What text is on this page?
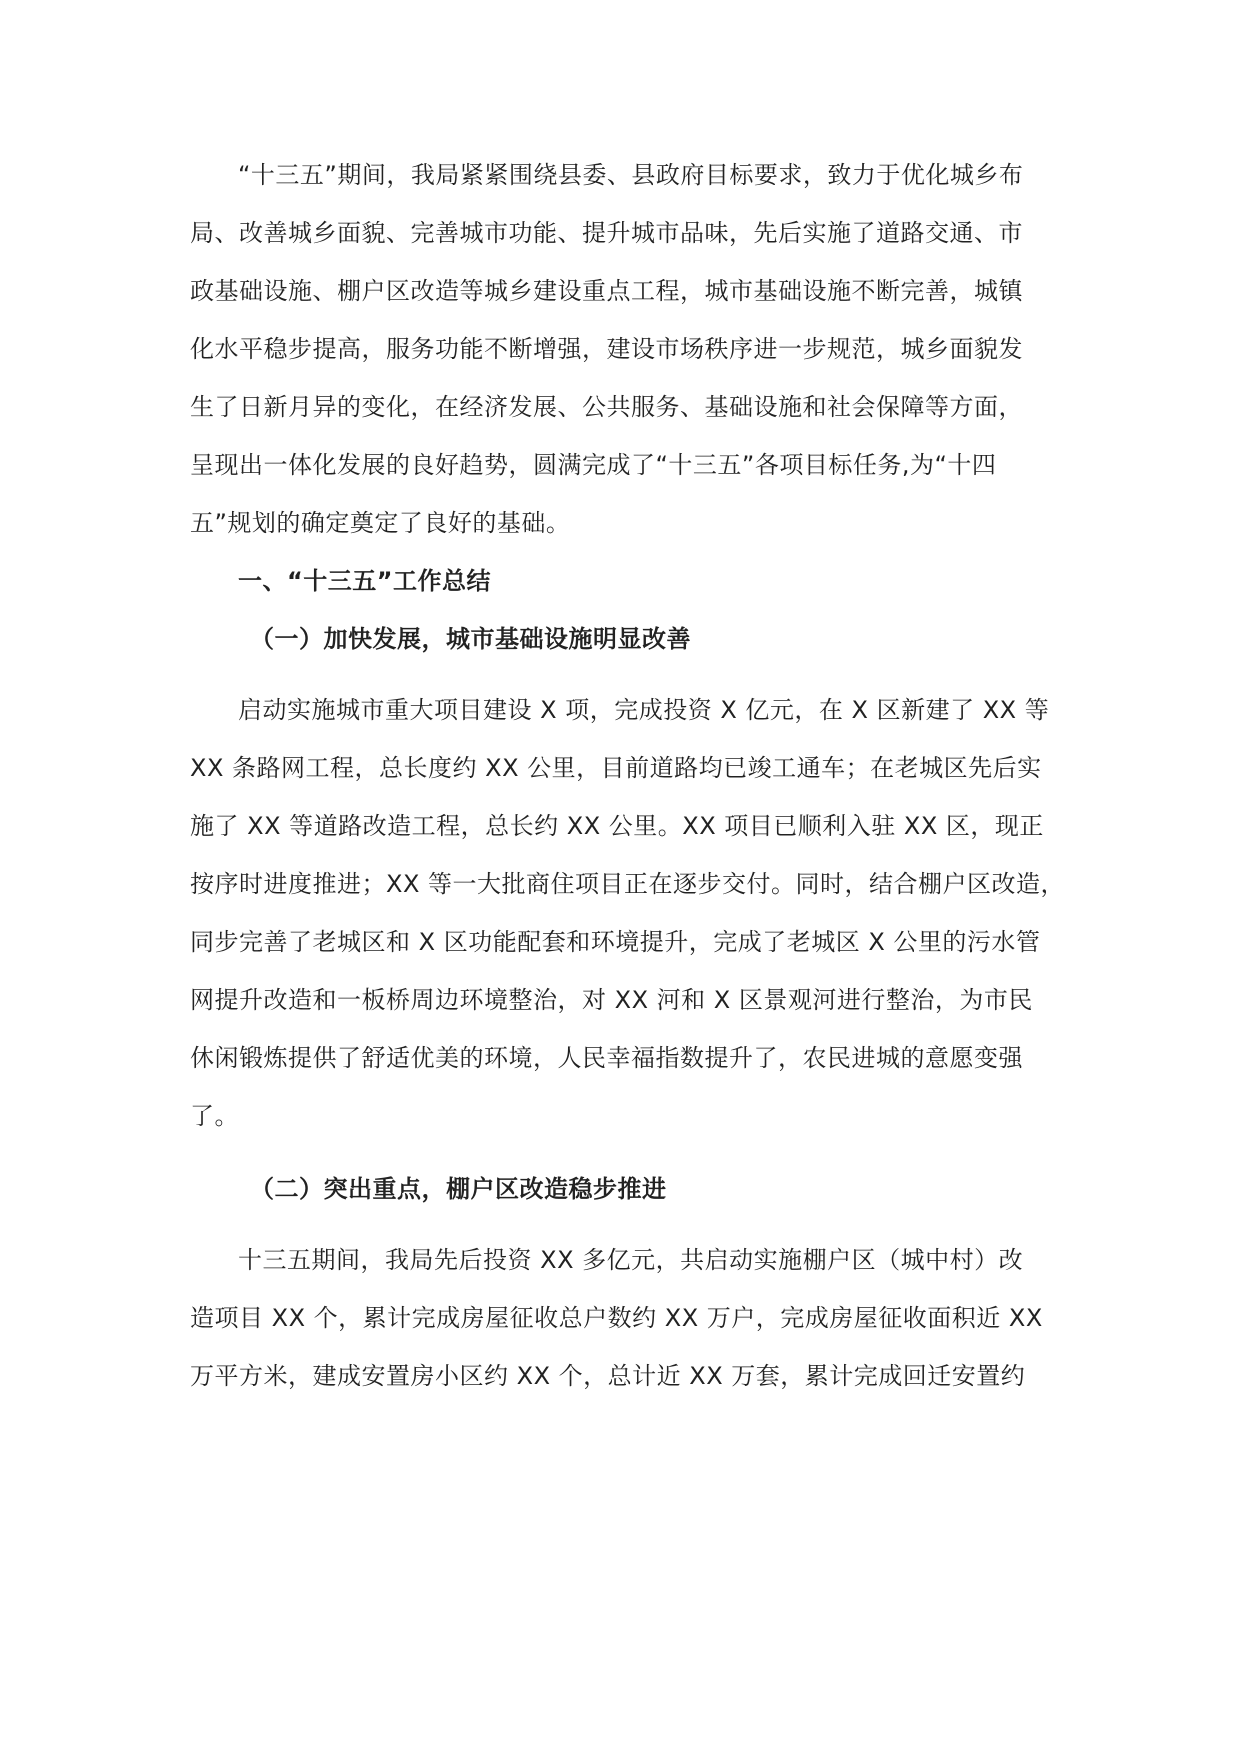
“十三五”期间，我局紧紧围绕县委、县政府目标要求，致力于优化城乡布
局、改善城乡面貌、完善城市功能、提升城市品味，先后实施了道路交通、市
政基础设施、棚户区改造等城乡建设重点工程，城市基础设施不断完善，城镇
化水平稳步提高，服务功能不断增强，建设市场秩序进一步规范，城乡面貌发
生了日新月异的变化，在经济发展、公共服务、基础设施和社会保障等方面，
呈现出一体化发展的良好趋势，圆满完成了“十三五”各项目标任务,为“十四
五”规划的确定奠定了良好的基础。
一、“十三五”工作总结
（一）加快发展，城市基础设施明显改善
启动实施城市重大项目建设 X 项，完成投资 X 亿元，在 X 区新建了 XX 等
XX 条路网工程，总长度约 XX 公里，目前道路均已竣工通车；在老城区先后实
施了 XX 等道路改造工程，总长约 XX 公里。XX 项目已顺利入驻 XX 区，现正
按序时进度推进；XX 等一大批商住项目正在逐步交付。同时，结合棚户区改造，
同步完善了老城区和 X 区功能配套和环境提升，完成了老城区 X 公里的污水管
网提升改造和一板桥周边环境整治，对 XX 河和 X 区景观河进行整治，为市民
休闲锻炼提供了舒适优美的环境，人民幸福指数提升了，农民进城的意愿变强
了。
（二）突出重点，棚户区改造稳步推进
十三五期间，我局先后投资 XX 多亿元，共启动实施棚户区（城中村）改
造项目 XX 个，累计完成房屋征收总户数约 XX 万户，完成房屋征收面积近 XX
万平方米，建成安置房小区约 XX 个，总计近 XX 万套，累计完成回迁安置约
